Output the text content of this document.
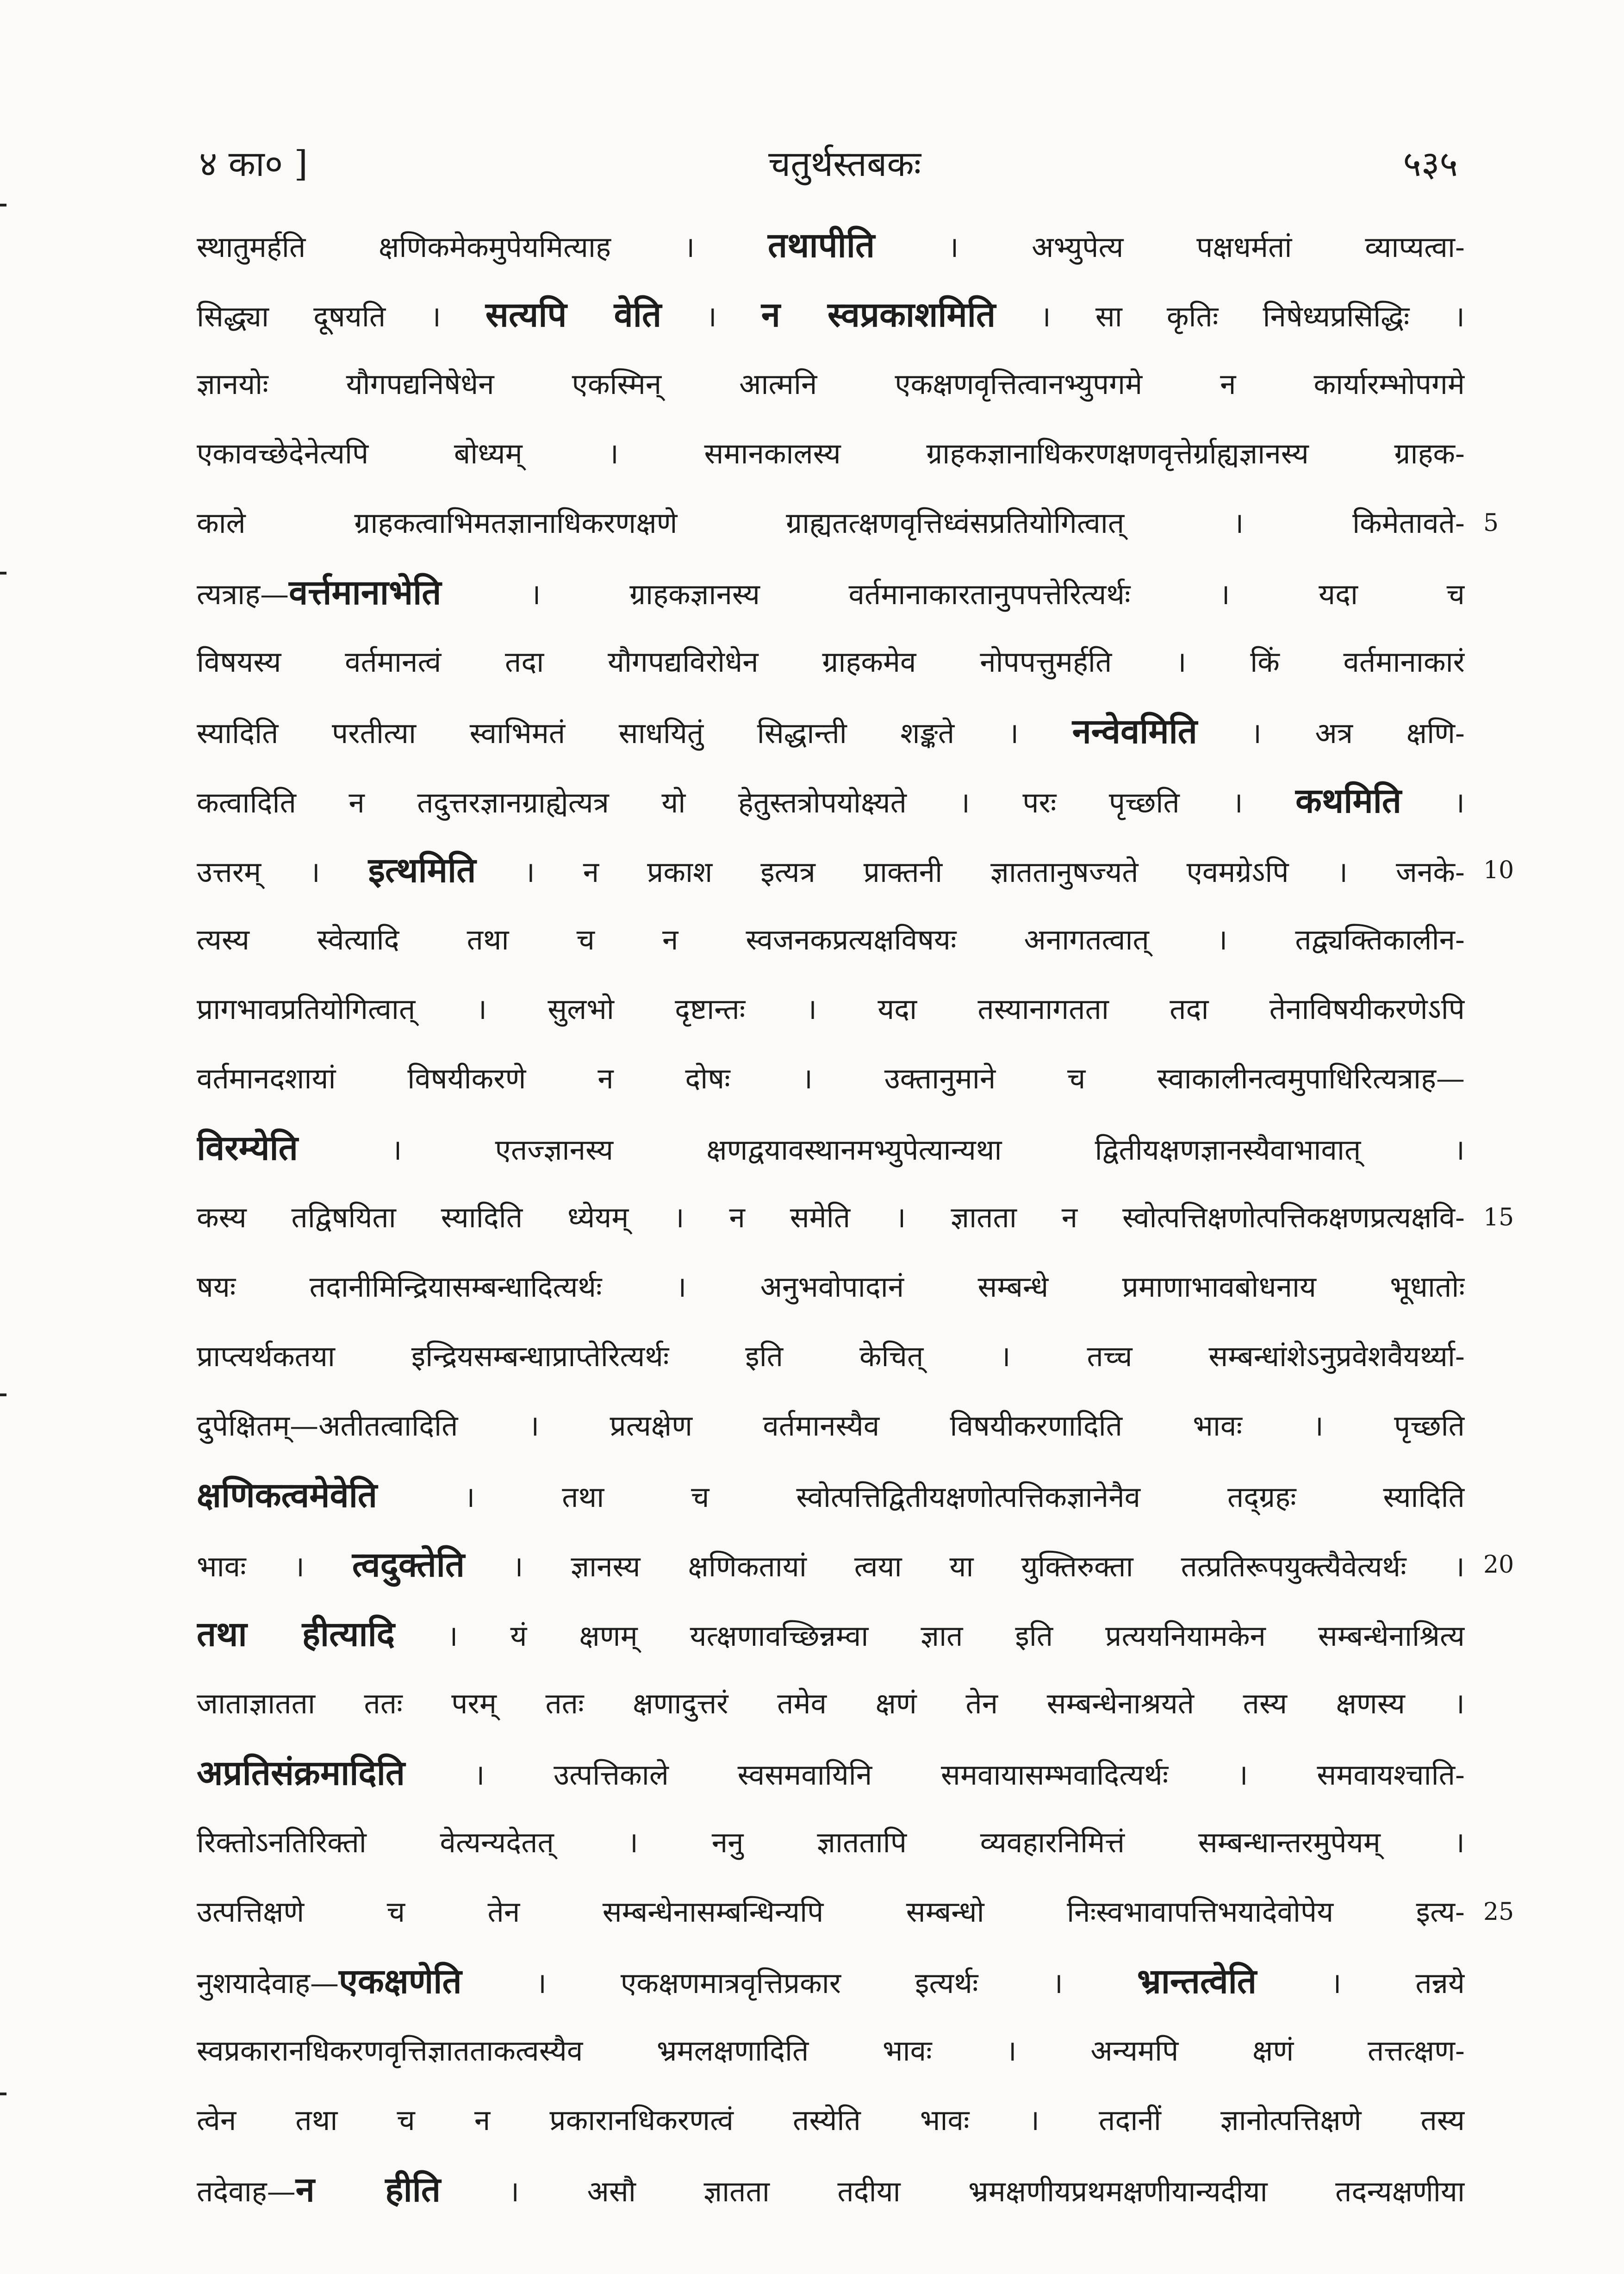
४ का० ]	चतुर्थस्तबकः	५३५
स्थातुमर्हति क्षणिकमेकमुपेयमित्याह । तथापीति । अभ्युपेत्य पक्षधर्मतां व्याप्यत्वा-
सिद्ध्या दूषयति । सत्यपि वेति । न स्वप्रकाशमिति । सा कृतिः निषेध्यप्रसिद्धिः ।
ज्ञानयोः यौगपद्यनिषेधेन एकस्मिन् आत्मनि एकक्षणवृत्तित्वानभ्युपगमे न कार्यारम्भोपगमे
एकावच्छेदेनेत्यपि बोध्यम् । समानकालस्य ग्राहकज्ञानाधिकरणक्षणवृत्तेर्ग्राह्यज्ञानस्य ग्राहक-
काले ग्राहकत्वाभिमतज्ञानाधिकरणक्षणे ग्राह्यतत्क्षणवृत्तिध्वंसप्रतियोगित्वात् । किमेतावते-
त्यत्राह—वर्त्तमानाभेति । ग्राहकज्ञानस्य वर्तमानाकारतानुपपत्तेरित्यर्थः । यदा च
विषयस्य वर्तमानत्वं तदा यौगपद्यविरोधेन ग्राहकमेव नोपपत्तुमर्हति । किं वर्तमानाकारं
स्यादिति परतीत्या स्वाभिमतं साधयितुं सिद्धान्ती शङ्कते । नन्वेवमिति । अत्र क्षणि-
कत्वादिति न तदुत्तरज्ञानग्राह्येत्यत्र यो हेतुस्तत्रोपयोक्ष्यते । परः पृच्छति । कथमिति ।
उत्तरम् । इत्थमिति । न प्रकाश इत्यत्र प्राक्तनी ज्ञाततानुषज्यते एवमग्रेऽपि । जनके-
त्यस्य स्वेत्यादि तथा च न स्वजनकप्रत्यक्षविषयः अनागतत्वात् । तद्व्यक्तिकालीन-
प्रागभावप्रतियोगित्वात् । सुलभो दृष्टान्तः । यदा तस्यानागतता तदा तेनाविषयीकरणेऽपि
वर्तमानदशायां विषयीकरणे न दोषः । उक्तानुमाने च स्वाकालीनत्वमुपाधिरित्यत्राह—
विरम्येति । एतज्ज्ञानस्य क्षणद्वयावस्थानमभ्युपेत्यान्यथा द्वितीयक्षणज्ञानस्यैवाभावात् ।
कस्य तद्विषयिता स्यादिति ध्येयम् । न समेति । ज्ञातता न स्वोत्पत्तिक्षणोत्पत्तिकक्षणप्रत्यक्षवि-
षयः तदानीमिन्द्रियासम्बन्धादित्यर्थः । अनुभवोपादानं सम्बन्धे प्रमाणाभावबोधनाय भूधातोः
प्राप्त्यर्थकतया इन्द्रियसम्बन्धाप्राप्तेरित्यर्थः इति केचित् । तच्च सम्बन्धांशेऽनुप्रवेशवैयर्थ्या-
दुपेक्षितम्—अतीतत्वादिति । प्रत्यक्षेण वर्तमानस्यैव विषयीकरणादिति भावः । पृच्छति
क्षणिकत्वमेवेति । तथा च स्वोत्पत्तिद्वितीयक्षणोत्पत्तिकज्ञानेनैव तद्ग्रहः स्यादिति
भावः । त्वदुक्तेति । ज्ञानस्य क्षणिकतायां त्वया या युक्तिरुक्ता तत्प्रतिरूपयुक्त्यैवेत्यर्थः ।
तथा हीत्यादि । यं क्षणम् यत्क्षणावच्छिन्नम्वा ज्ञात इति प्रत्ययनियामकेन सम्बन्धेनाश्रित्य
जाताज्ञातता ततः परम् ततः क्षणादुत्तरं तमेव क्षणं तेन सम्बन्धेनाश्रयते तस्य क्षणस्य ।
अप्रतिसंक्रमादिति । उत्पत्तिकाले स्वसमवायिनि समवायासम्भवादित्यर्थः । समवायश्चाति-
रिक्तोऽनतिरिक्तो वेत्यन्यदेतत् । ननु ज्ञाततापि व्यवहारनिमित्तं सम्बन्धान्तरमुपेयम् ।
उत्पत्तिक्षणे च तेन सम्बन्धेनासम्बन्धिन्यपि सम्बन्धो निःस्वभावापत्तिभयादेवोपेय इत्य-
नुशयादेवाह—एकक्षणेति । एकक्षणमात्रवृत्तिप्रकार इत्यर्थः । भ्रान्तत्वेति । तन्नये
स्वप्रकारानधिकरणवृत्तिज्ञातताकत्वस्यैव भ्रमलक्षणादिति भावः । अन्यमपि क्षणं तत्तत्क्षण-
त्वेन तथा च न प्रकारानधिकरणत्वं तस्येति भावः । तदानीं ज्ञानोत्पत्तिक्षणे तस्य
तदेवाह—न हीति । असौ ज्ञातता तदीया भ्रमक्षणीयप्रथमक्षणीयान्यदीया तदन्यक्षणीया
5
10
15
20
25
